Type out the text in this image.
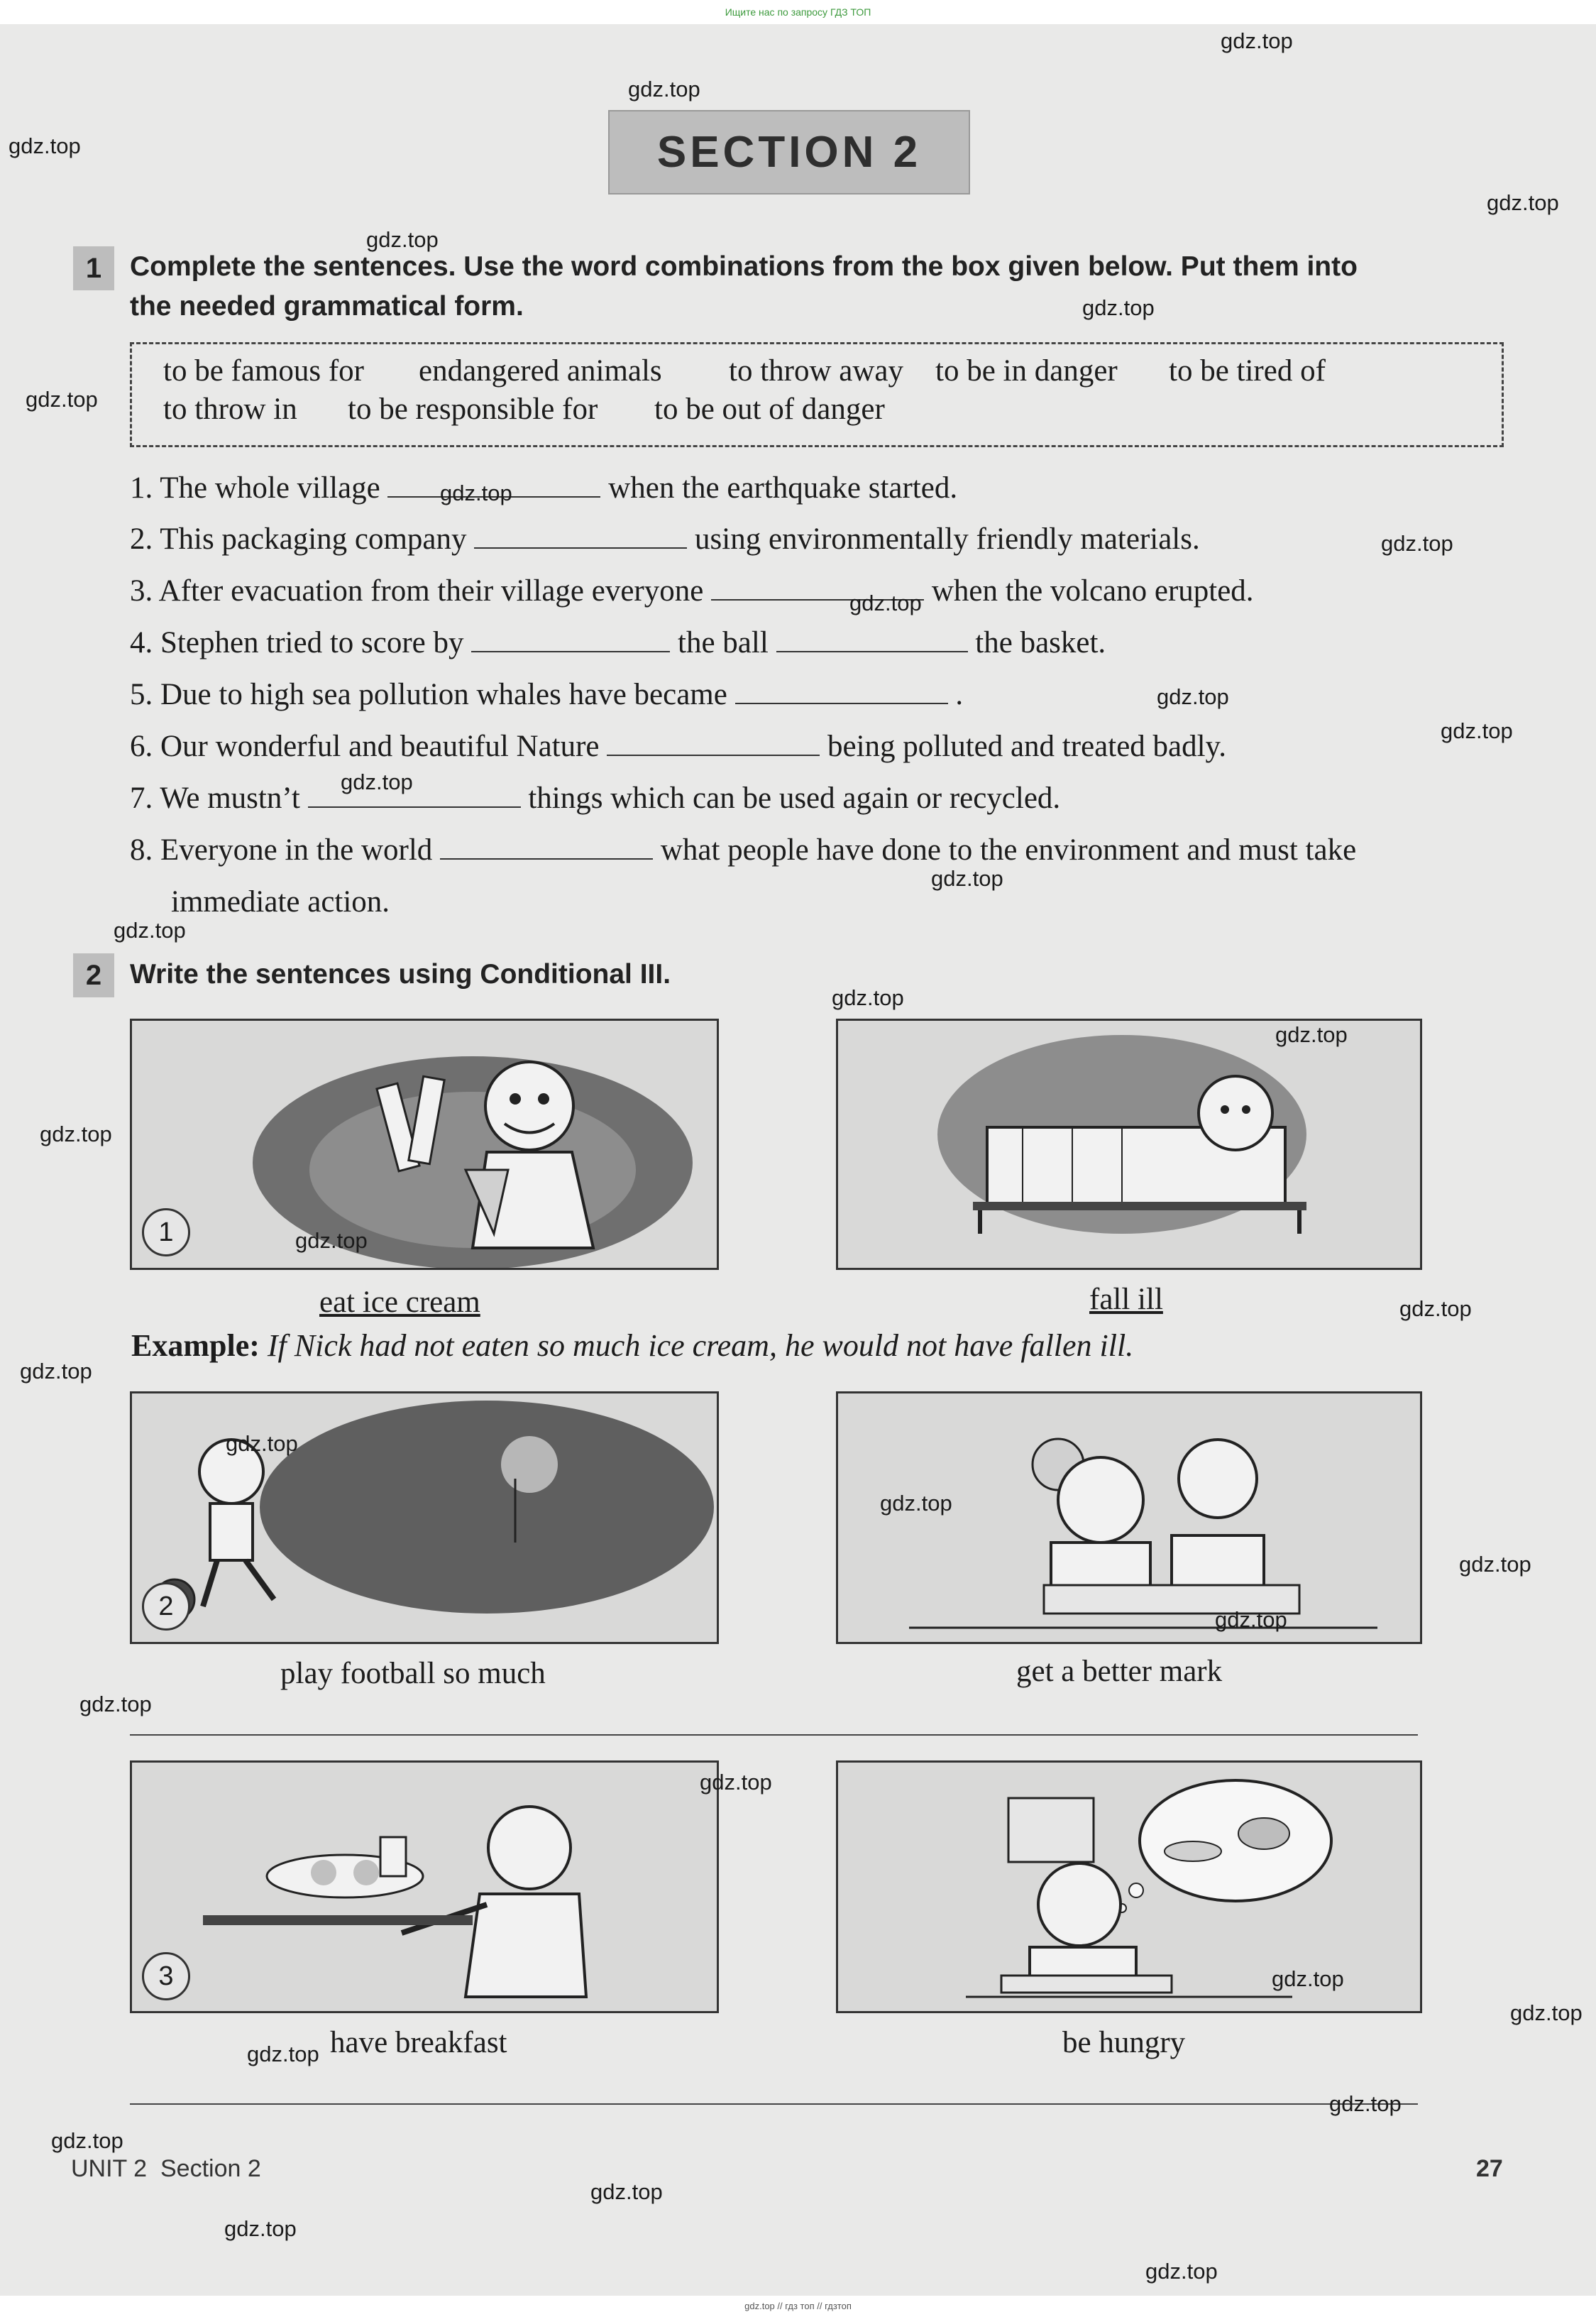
Ищите нас по запросу ГДЗ ТОП
SECTION 2
1	Complete the sentences. Use the word combinations from the box given below. Put them into
the needed grammatical form.
to be famous for endangered animals to throw away to be in danger to be tired of
to throw in to be responsible for to be out of danger
1. The whole village	when the earthquake started.
2. This packaging company	using environmentally friendly materials.
3. After evacuation from their village everyone	when the volcano erupted.
4. Stephen tried to score by	the ball	the basket.
5. Due to high sea pollution whales have became	.
6. Our wonderful and beautiful Nature	being polluted and treated badly.
7. We mustn’t	things which can be used again or recycled.
8. Everyone in the world	what people have done to the environment and must take
immediate action.
2	Write the sentences using Conditional III.
1
eat ice cream	fall ill
Example: If Nick had not eaten so much ice cream, he would not have fallen ill.
2
play football so much	get a better mark
3
have breakfast	be hungry
UNIT 2 Section 2	27
gdz.top
gdz.top
gdz.top
gdz.top
gdz.top
gdz.top
gdz.top
gdz.top
gdz.top
gdz.top
gdz.top
gdz.top
gdz.top
gdz.top
gdz.top
gdz.top
gdz.top
gdz.top
gdz.top
gdz.top
gdz.top
gdz.top
gdz.top
gdz.top
gdz.top
gdz.top
gdz.top
gdz.top
gdz.top
gdz.top
gdz.top
gdz.top
gdz.top
gdz.top
gdz.top
gdz.top // гдз топ // гдзтоп
